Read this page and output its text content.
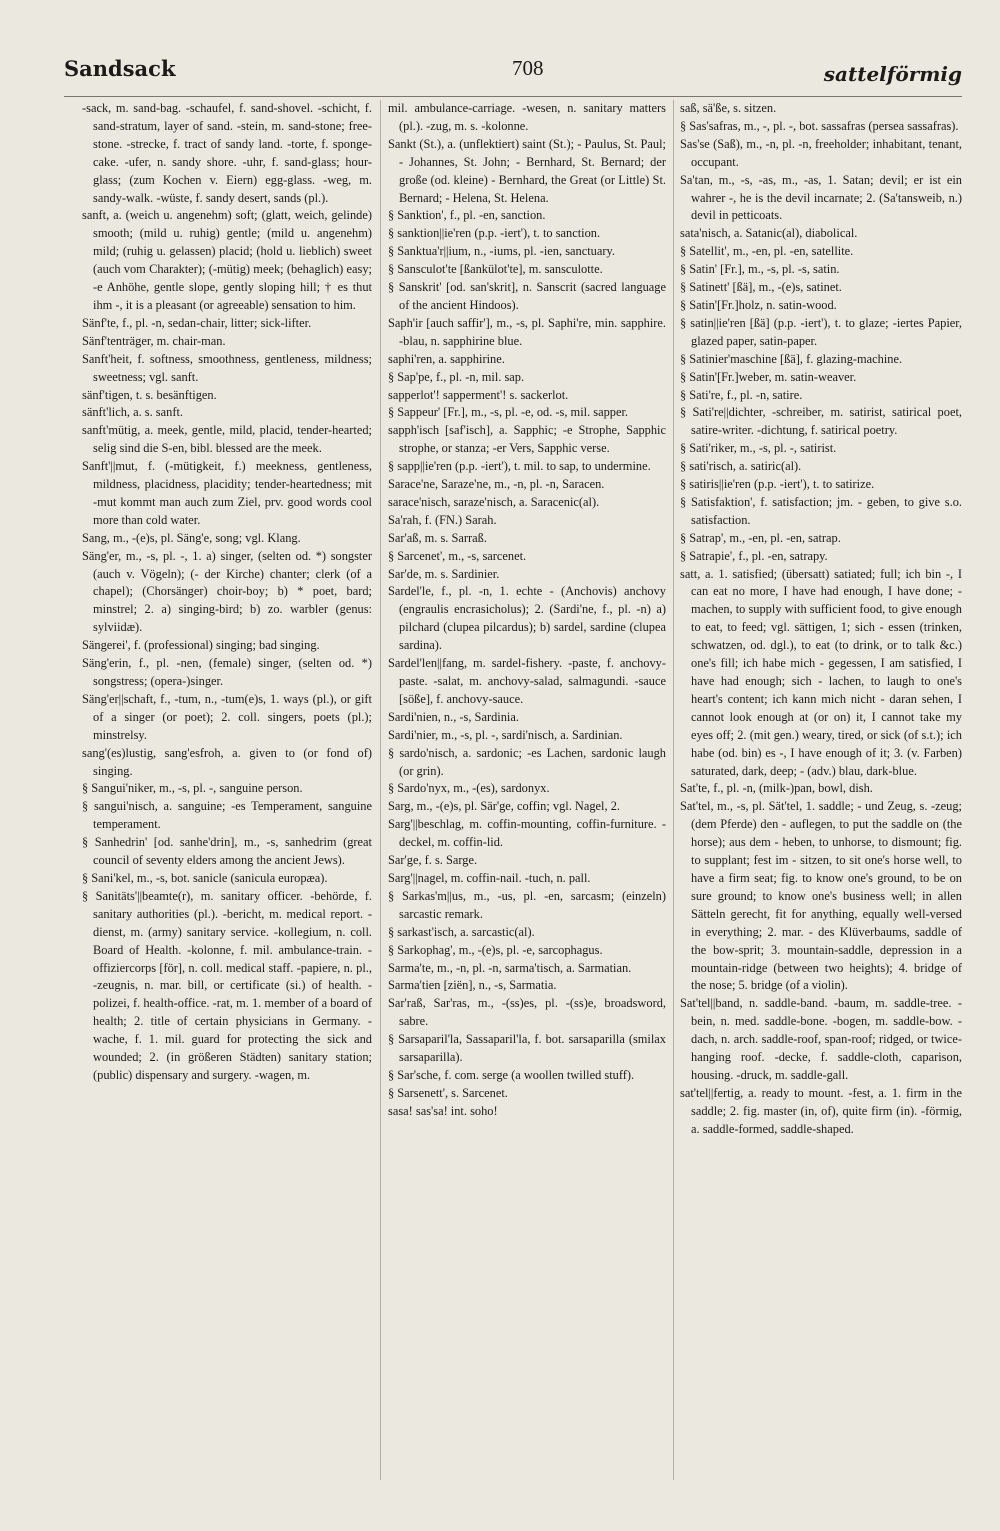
Sandsack	708	sattelförmig
-sack, m. sand-bag. -schaufel, f. sand-shovel. -schicht, f. sand-stratum, layer of sand. -stein, m. sand-stone; free-stone. -strecke, f. tract of sandy land. -torte, f. sponge-cake. -ufer, n. sandy shore. -uhr, f. sand-glass; hour-glass; (zum Kochen v. Eiern) egg-glass. -weg, m. sandy-walk. -wüste, f. sandy desert, sands (pl.).
sanft, a. (weich u. angenehm) soft; (glatt, weich, gelinde) smooth; (mild u. ruhig) gentle; (mild u. angenehm) mild; (ruhig u. gelassen) placid; (hold u. lieblich) sweet (auch vom Charakter); (-mütig) meek; (behaglich) easy; -e Anhöhe, gentle slope, gently sloping hill; † es thut ihm -, it is a pleasant (or agreeable) sensation to him.
Sänf'te, f., pl. -n, sedan-chair, litter; sick-lifter.
Sänf'tenträger, m. chair-man.
Sanft'heit, f. softness, smoothness, gentleness, mildness; sweetness; vgl. sanft.
sänf'tigen, t. s. besänftigen.
sänft'lich, a. s. sanft.
sanft'mütig, a. meek, gentle, mild, placid, tender-hearted; selig sind die S-en, bibl. blessed are the meek.
Sanft'||mut, f. (-mütigkeit, f.) meekness, gentleness, mildness, placidness, placidity; tender-heartedness; mit -mut kommt man auch zum Ziel, prv. good words cool more than cold water.
Sang, m., -(e)s, pl. Säng'e, song; vgl. Klang.
Säng'er, m., -s, pl. -, 1. a) singer, (selten od. *) songster (auch v. Vögeln); (- der Kirche) chanter; clerk (of a chapel); (Chorsänger) choir-boy; b) * poet, bard; minstrel; 2. a) singing-bird; b) zo. warbler (genus: sylviidæ).
Sängerei', f. (professional) singing; bad singing.
Säng'erin, f., pl. -nen, (female) singer, (selten od. *) songstress; (opera-)singer.
Säng'er||schaft, f., -tum, n., -tum(e)s, 1. ways (pl.), or gift of a singer (or poet); 2. coll. singers, poets (pl.); minstrelsy.
sang'(es)lustig, sang'esfroh, a. given to (or fond of) singing.
§ Sangui'niker, m., -s, pl. -, sanguine person.
§ sangui'nisch, a. sanguine; -es Temperament, sanguine temperament.
§ Sanhedrin' [od. sanhe'drin], m., -s, sanhedrim (great council of seventy elders among the ancient Jews).
§ Sani'kel, m., -s, bot. sanicle (sanicula europæa).
§ Sanitäts'||beamte(r), m. sanitary officer. -behörde, f. sanitary authorities (pl.). -bericht, m. medical report. -dienst, m. (army) sanitary service. -kollegium, n. coll. Board of Health. -kolonne, f. mil. ambulance-train. -offiziercorps [för], n. coll. medical staff. -papiere, n. pl., -zeugnis, n. mar. bill, or certificate (si.) of health. -polizei, f. health-office. -rat, m. 1. member of a board of health; 2. title of certain physicians in Germany. -wache, f. 1. mil. guard for protecting the sick and wounded; 2. (in größeren Städten) sanitary station; (public) dispensary and surgery. -wagen, m.
mil. ambulance-carriage. -wesen, n. sanitary matters (pl.). -zug, m. s. -kolonne.
Sankt (St.), a. (unflektiert) saint (St.); - Paulus, St. Paul; - Johannes, St. John; - Bernhard, St. Bernard; der große (od. kleine) - Bernhard, the Great (or Little) St. Bernard; - Helena, St. Helena.
§ Sanktion', f., pl. -en, sanction.
§ sanktion||ie'ren (p.p. -iert'), t. to sanction.
§ Sanktua'r||ium, n., -iums, pl. -ien, sanctuary.
§ Sansculot'te [ßankülot'te], m. sansculotte.
§ Sanskrit' [od. san'skrit], n. Sanscrit (sacred language of the ancient Hindoos).
Saph'ir [auch saffir'], m., -s, pl. Saphi're, min. sapphire. -blau, n. sapphirine blue.
saphi'ren, a. sapphirine.
§ Sap'pe, f., pl. -n, mil. sap.
sapperlot'! sapperment'! s. sackerlot.
§ Sappeur' [Fr.], m., -s, pl. -e, od. -s, mil. sapper.
sapph'isch [saf'isch], a. Sapphic; -e Strophe, Sapphic strophe, or stanza; -er Vers, Sapphic verse.
§ sapp||ie'ren (p.p. -iert'), t. mil. to sap, to undermine.
Sarace'ne, Saraze'ne, m., -n, pl. -n, Saracen.
sarace'nisch, saraze'nisch, a. Saracenic(al).
Sa'rah, f. (FN.) Sarah.
Sar'aß, m. s. Sarraß.
§ Sarcenet', m., -s, sarcenet.
Sar'de, m. s. Sardinier.
Sardel'le, f., pl. -n, 1. echte - (Anchovis) anchovy (engraulis encrasicholus); 2. (Sardi'ne, f., pl. -n) a) pilchard (clupea pilcardus); b) sardel, sardine (clupea sardina).
Sardel'len||fang, m. sardel-fishery. -paste, f. anchovy-paste. -salat, m. anchovy-salad, salmagundi. -sauce [söße], f. anchovy-sauce.
Sardi'nien, n., -s, Sardinia.
Sardi'nier, m., -s, pl. -, sardi'nisch, a. Sardinian.
§ sardo'nisch, a. sardonic; -es Lachen, sardonic laugh (or grin).
§ Sardo'nyx, m., -(es), sardonyx.
Sarg, m., -(e)s, pl. Sär'ge, coffin; vgl. Nagel, 2.
Sarg'||beschlag, m. coffin-mounting, coffin-furniture. -deckel, m. coffin-lid.
Sar'ge, f. s. Sarge.
Sarg'||nagel, m. coffin-nail. -tuch, n. pall.
§ Sarkas'm||us, m., -us, pl. -en, sarcasm; (einzeln) sarcastic remark.
§ sarkast'isch, a. sarcastic(al).
§ Sarkophag', m., -(e)s, pl. -e, sarcophagus.
Sarma'te, m., -n, pl. -n, sarma'tisch, a. Sarmatian.
Sarma'tien [ziën], n., -s, Sarmatia.
Sar'raß, Sar'ras, m., -(ss)es, pl. -(ss)e, broadsword, sabre.
§ Sarsaparil'la, Sassaparil'la, f. bot. sarsaparilla (smilax sarsaparilla).
§ Sar'sche, f. com. serge (a woollen twilled stuff).
§ Sarsenett', s. Sarcenet.
sasa! sas'sa! int. soho!
saß, sä'ße, s. sitzen.
§ Sas'safras, m., -, pl. -, bot. sassafras (persea sassafras).
Sas'se (Saß), m., -n, pl. -n, freeholder; inhabitant, tenant, occupant.
Sa'tan, m., -s, -as, m., -as, 1. Satan; devil; er ist ein wahrer -, he is the devil incarnate; 2. (Sa'tansweib, n.) devil in petticoats.
sata'nisch, a. Satanic(al), diabolical.
§ Satellit', m., -en, pl. -en, satellite.
§ Satin' [Fr.], m., -s, pl. -s, satin.
§ Satinett' [ßä], m., -(e)s, satinet.
§ Satin'[Fr.]holz, n. satin-wood.
§ satin||ie'ren [ßä] (p.p. -iert'), t. to glaze; -iertes Papier, glazed paper, satin-paper.
§ Satinier'maschine [ßä], f. glazing-machine.
§ Satin'[Fr.]weber, m. satin-weaver.
§ Sati're, f., pl. -n, satire.
§ Sati're||dichter, -schreiber, m. satirist, satirical poet, satire-writer. -dichtung, f. satirical poetry.
§ Sati'riker, m., -s, pl. -, satirist.
§ sati'risch, a. satiric(al).
§ satiris||ie'ren (p.p. -iert'), t. to satirize.
§ Satisfaktion', f. satisfaction; jm. - geben, to give s.o. satisfaction.
§ Satrap', m., -en, pl. -en, satrap.
§ Satrapie', f., pl. -en, satrapy.
satt, a. 1. satisfied; (übersatt) satiated; full; ich bin -, I can eat no more, I have had enough, I have done; - machen, to supply with sufficient food, to give enough to eat, to feed; vgl. sättigen, 1; sich - essen (trinken, schwatzen, od. dgl.), to eat (to drink, or to talk &c.) one's fill; ich habe mich - gegessen, I am satisfied, I have had enough; sich - lachen, to laugh to one's heart's content; ich kann mich nicht - daran sehen, I cannot look enough at (or on) it, I cannot take my eyes off; 2. (mit gen.) weary, tired, or sick (of s.t.); ich habe (od. bin) es -, I have enough of it; 3. (v. Farben) saturated, dark, deep; - (adv.) blau, dark-blue.
Sat'te, f., pl. -n, (milk-)pan, bowl, dish.
Sat'tel, m., -s, pl. Sät'tel, 1. saddle; - und Zeug, s. -zeug; (dem Pferde) den - auflegen, to put the saddle on (the horse); aus dem - heben, to unhorse, to dismount; fig. to supplant; fest im - sitzen, to sit one's horse well, to have a firm seat; fig. to know one's ground, to be on sure ground; to know one's business well; in allen Sätteln gerecht, fit for anything, equally well-versed in everything; 2. mar. - des Klüverbaums, saddle of the bow-sprit; 3. mountain-saddle, depression in a mountain-ridge (between two heights); 4. bridge of the nose; 5. bridge (of a violin).
Sat'tel||band, n. saddle-band. -baum, m. saddle-tree. -bein, n. med. saddle-bone. -bogen, m. saddle-bow. -dach, n. arch. saddle-roof, span-roof; ridged, or twice-hanging roof. -decke, f. saddle-cloth, caparison, housing. -druck, m. saddle-gall.
sat'tel||fertig, a. ready to mount. -fest, a. 1. firm in the saddle; 2. fig. master (in, of), quite firm (in). -förmig, a. saddle-formed, saddle-shaped.
